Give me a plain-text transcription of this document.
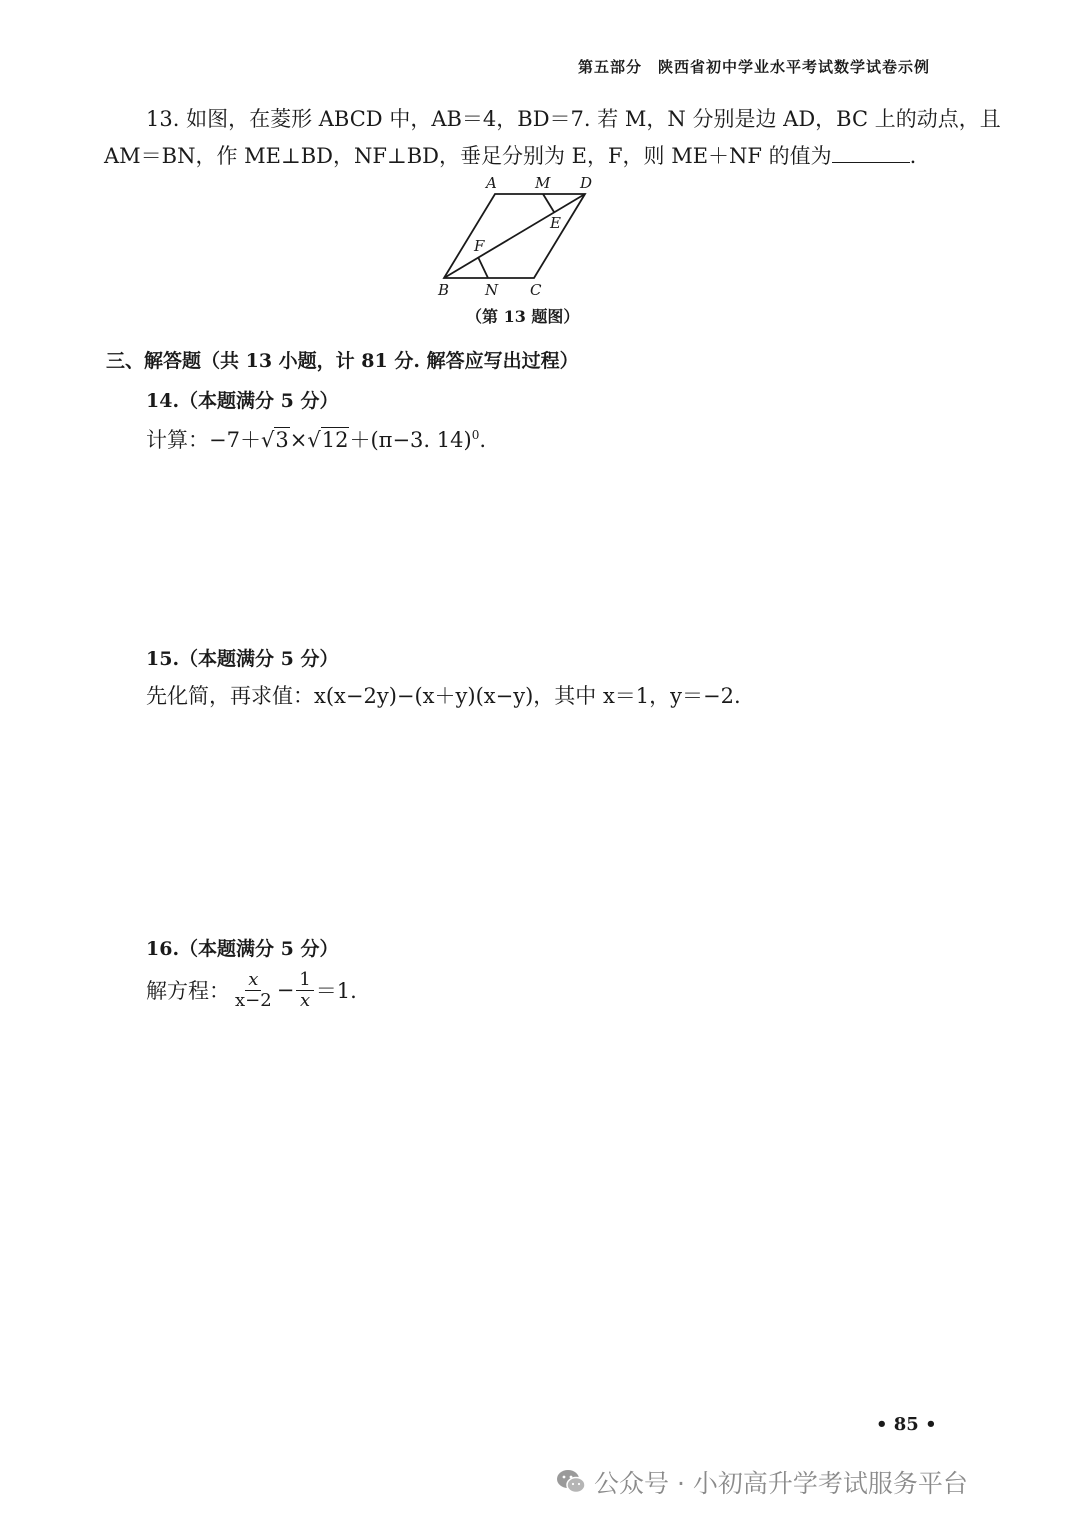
第五部分 陕西省初中学业水平考试数学试卷示例
13. 如图，在菱形 ABCD 中，AB＝4，BD＝7. 若 M，N 分别是边 AD，BC 上的动点，且
AM＝BN，作 ME⊥BD，NF⊥BD，垂足分别为 E，F，则 ME＋NF 的值为	.
A	M D
E
F
B N C
（第 13 题图）
三、解答题（共 13 小题，计 81 分. 解答应写出过程）
14.（本题满分 5 分）
计算：−7＋√3×√12＋(π−3. 14)$^0$.
15.（本题满分 5 分）
先化简，再求值：x(x−2y)−(x＋y)(x−y)，其中 x＝1，y＝−2.
16.（本题满分 5 分）
解方程： $\frac{x}{x-2} - \frac{1}{x} =1$.
• 85 •
公众号 · 小初高升学考试服务平台
